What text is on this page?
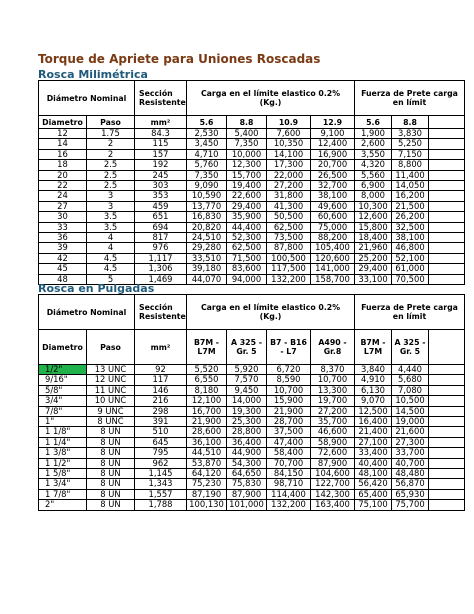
Torque de Apriete para Uniones Roscadas
Rosca Milimétrica
Diámetro Nominal		Sección Resistente	Carga en el límite elastico 0.2% (Kg.)				Fuerza de Prete carga en límit		
Diametro	Paso	mm²	5.6	8.8	10.9	12.9	5.6	8.8	
12	1.75	84.3	2,530	5,400	7,600	9,100	1,900	3,830	
14	2	115	3,450	7,350	10,350	12,400	2,600	5,250	
16	2	157	4,710	10,000	14,100	16,900	3,550	7,150	
18	2.5	192	5,760	12,300	17,300	20,700	4,320	8,800	
20	2.5	245	7,350	15,700	22,000	26,500	5,560	11,400	
22	2.5	303	9,090	19,400	27,200	32,700	6,900	14,050	
24	3	353	10,590	22,600	31,800	38,100	8,000	16,200	
27	3	459	13,770	29,400	41,300	49,600	10,300	21,500	
30	3.5	651	16,830	35,900	50,500	60,600	12,600	26,200	
33	3.5	694	20,820	44,400	62,500	75,000	15,800	32,500	
36	4	817	24,510	52,300	73,500	88,200	18,400	38,100	
39	4	976	29,280	62,500	87,800	105,400	21,960	46,800	
42	4.5	1,117	33,510	71,500	100,500	120,600	25,200	52,100	
45	4.5	1,306	39,180	83,600	117,500	141,000	29,400	61,000	
48	5	1,469	44,070	94,000	132,200	158,700	33,100	70,500	
Rosca en Pulgadas
Diámetro Nominal		Sección Resistente	Carga en el límite elastico 0.2% (Kg.)				Fuerza de Prete carga en límit		
Diametro	Paso	mm²	B7M - L7M	A 325 - Gr. 5	B7 - B16 - L7	A490 - Gr.8	B7M - L7M	A 325 - Gr. 5	
1/2"	13 UNC	92	5,520	5,920	6,720	8,370	3,840	4,440	
9/16"	12 UNC	117	6,550	7,570	8,590	10,700	4,910	5,680	
5/8"	11 UNC	146	8,180	9,450	10,700	13,300	6,130	7,080	
3/4"	10 UNC	216	12,100	14,000	15,900	19,700	9,070	10,500	
7/8"	9 UNC	298	16,700	19,300	21,900	27,200	12,500	14,500	
1"	8 UNC	391	21,900	25,300	28,700	35,700	16,400	19,000	
1 1/8"	8 UN	510	28,600	28,800	37,500	46,600	21,400	21,600	
1 1/4"	8 UN	645	36,100	36,400	47,400	58,900	27,100	27,300	
1 3/8"	8 UN	795	44,510	44,900	58,400	72,600	33,400	33,700	
1 1/2"	8 UN	962	53,870	54,300	70,700	87,900	40,400	40,700	
1 5/8"	8 UN	1,145	64,120	64,650	84,150	104,600	48,100	48,480	
1 3/4"	8 UN	1,343	75,230	75,830	98,710	122,700	56,420	56,870	
1 7/8"	8 UN	1,557	87,190	87,900	114,400	142,300	65,400	65,930	
2"	8 UN	1,788	100,130	101,000	132,200	163,400	75,100	75,700	
